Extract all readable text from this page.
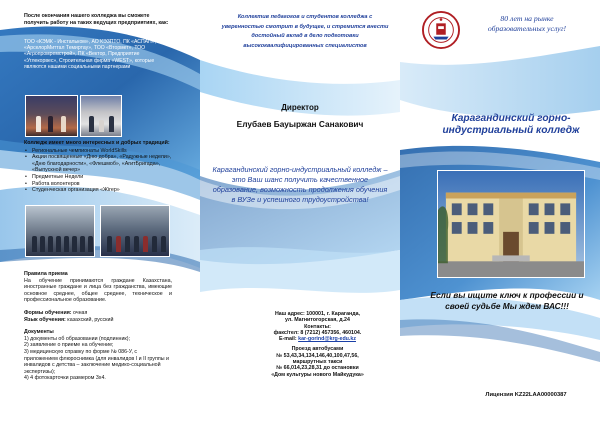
После окончания нашего колледжа вы сможете получить работу на таких ведущих предприятиях, как:
ТОО «КЭМК - Инстальком», АО КЭЗПТО, ПК «АСПАП», АО «АрселорМиттал Темиртау», ТОО «Втормет», ТОО «Агропромремстрой», ПК «Вектор, Предприятие «Углекорвес», Строительная фирма «WEST», которые являются нашими социальными партнерами
Колледж имеет много интересных и добрых традиций:
• Региональные чемпионаты WorldSkills
• Акции посвященные «Дню добра», «Радужные недели», «Дню благодарности», «Флешмоб», «АгитБригада», «Выпускной вечер»
• Предметные Недели
• Работа волонтеров
• Студенческая организация «Жігер»
Правила приема
На обучение принимаются граждане Казахстана, иностранные граждане и лица без гражданства, имеющие основное среднее, общее среднее, техническое и профессиональное образование.
Формы обучения: очная
Язык обучения: казахский, русский
Документы
1) документы об образовании (подлинник);
2) заявление о приеме на обучение;
3) медицинскую справку по форме № 086-У, с приложением флюроснимка (для инвалидов I и II группы и инвалидов с детства – заключение медико-социальной экспертизы);
4) 4 фотокарточки размером 3х4.
Коллектив педагогов и студентов колледжа с уверенностью смотрит в будущее, и стремится внести достойный вклад в дело подготовки высококвалифицированных специалистов
Директор
Елубаев Бауыржан Санакович
Карагандинский горно-индустриальный колледж – это Ваш шанс получить качественное образование, возможность продолжения обучения в ВУЗе и успешного трудоустройства!
Наш адрес: 100001, г. Караганда,
ул. Магнитогорская, д.24
Контакты:
факс/тел: 8 (7212) 457356, 460104.
E-mail: kar-gorind@krg-edu.kz
Проезд автобусами
№ 53,43,34,134,146,40,100,47,56,
маршрутных такси
№ 66,014,23,28,31 до остановки
«Дом культуры нового Майкудука»
80 лет на рынке образовательных услуг!
Карагандинский горно-индустриальный колледж
Если вы ищите ключ к профессии и своей судьбе Мы ждем ВАС!!!
Лицензия KZ22LAA00000387
